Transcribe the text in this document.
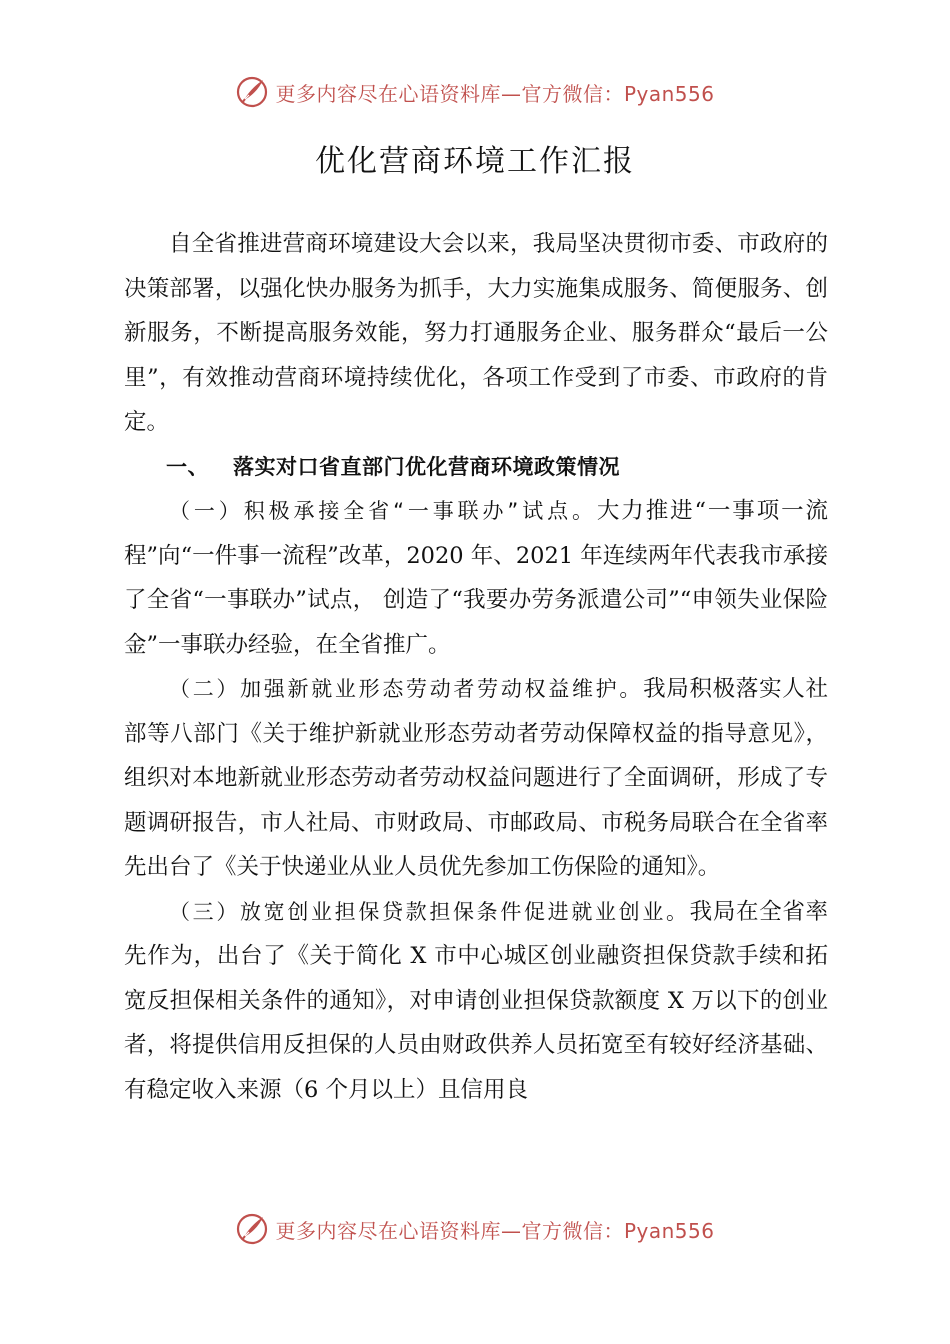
更多内容尽在心语资料库—官方微信：Pyan556
优化营商环境工作汇报

自全省推进营商环境建设大会以来，我局坚决贯彻市委、市政府的决策部署，以强化快办服务为抓手，大力实施集成服务、简便服务、创新服务，不断提高服务效能，努力打通服务企业、服务群众“最后一公里”，有效推动营商环境持续优化，各项工作受到了市委、市政府的肯定。

一、 落实对口省直部门优化营商环境政策情况

（一）积极承接全省“一事联办”试点。大力推进“一事项一流程”向“一件事一流程”改革，2020 年、2021 年连续两年代表我市承接了全省“一事联办”试点， 创造了“我要办劳务派遣公司”“申领失业保险金”一事联办经验，在全省推广。

（二）加强新就业形态劳动者劳动权益维护。我局积极落实人社部等八部门《关于维护新就业形态劳动者劳动保障权益的指导意见》，组织对本地新就业形态劳动者劳动权益问题进行了全面调研，形成了专题调研报告，市人社局、市财政局、市邮政局、市税务局联合在全省率先出台了《关于快递业从业人员优先参加工伤保险的通知》。

（三）放宽创业担保贷款担保条件促进就业创业。我局在全省率先作为，出台了《关于简化 X 市中心城区创业融资担保贷款手续和拓宽反担保相关条件的通知》，对申请创业担保贷款额度 X 万以下的创业者，将提供信用反担保的人员由财政供养人员拓宽至有较好经济基础、有稳定收入来源（6 个月以上）且信用良

更多内容尽在心语资料库—官方微信：Pyan556
